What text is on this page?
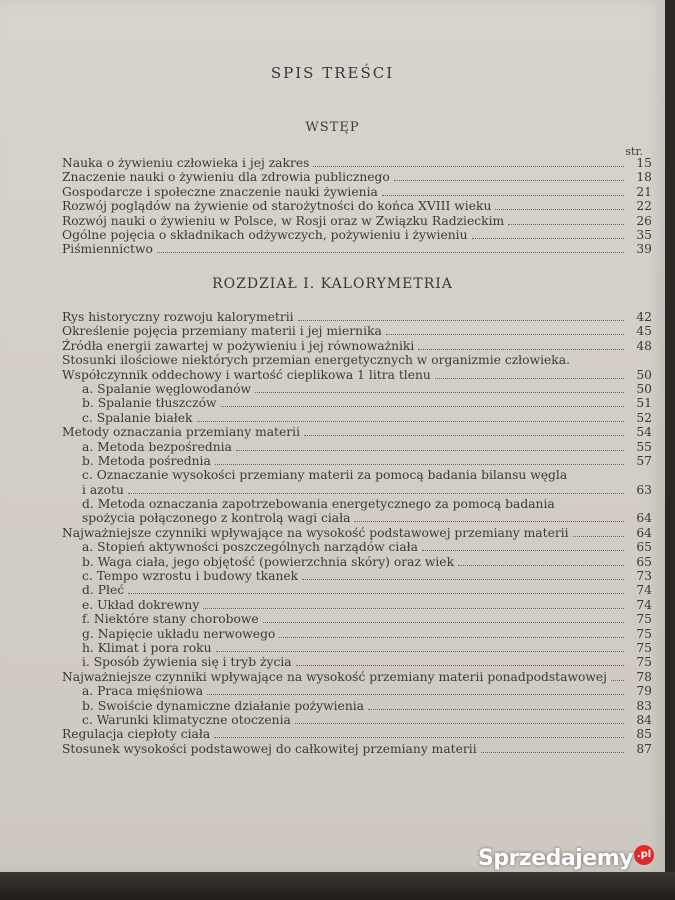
SPIS TREŚCI
WSTĘP
str.
Nauka o żywieniu człowieka i jej zakres	15
Znaczenie nauki o żywieniu dla zdrowia publicznego	18
Gospodarcze i społeczne znaczenie nauki żywienia	21
Rozwój poglądów na żywienie od starożytności do końca XVIII wieku	22
Rozwój nauki o żywieniu w Polsce, w Rosji oraz w Związku Radzieckim	26
Ogólne pojęcia o składnikach odżywczych, pożywieniu i żywieniu	35
Piśmiennictwo	39
ROZDZIAŁ I. KALORYMETRIA
Rys historyczny rozwoju kalorymetrii	42
Określenie pojęcia przemiany materii i jej miernika	45
Źródła energii zawartej w pożywieniu i jej równoważniki	48
Stosunki ilościowe niektórych przemian energetycznych w organizmie człowieka.
Współczynnik oddechowy i wartość cieplikowa 1 litra tlenu	50
a. Spalanie węglowodanów	50
b. Spalanie tłuszczów	51
c. Spalanie białek	52
Metody oznaczania przemiany materii	54
a. Metoda bezpośrednia	55
b. Metoda pośrednia	57
c. Oznaczanie wysokości przemiany materii za pomocą badania bilansu węgla
i azotu	63
d. Metoda oznaczania zapotrzebowania energetycznego za pomocą badania
spożycia połączonego z kontrolą wagi ciała	64
Najważniejsze czynniki wpływające na wysokość podstawowej przemiany materii	64
a. Stopień aktywności poszczególnych narządów ciała	65
b. Waga ciała, jego objętość (powierzchnia skóry) oraz wiek	65
c. Tempo wzrostu i budowy tkanek	73
d. Płeć	74
e. Układ dokrewny	74
f. Niektóre stany chorobowe	75
g. Napięcie układu nerwowego	75
h. Klimat i pora roku	75
i. Sposób żywienia się i tryb życia	75
Najważniejsze czynniki wpływające na wysokość przemiany materii ponadpodstawowej 78
a. Praca mięśniowa	79
b. Swoiście dynamiczne działanie pożywienia	83
c. Warunki klimatyczne otoczenia	84
Regulacja ciepłoty ciała	85
Stosunek wysokości podstawowej do całkowitej przemiany materii	87
Sprzedajemy .pl
